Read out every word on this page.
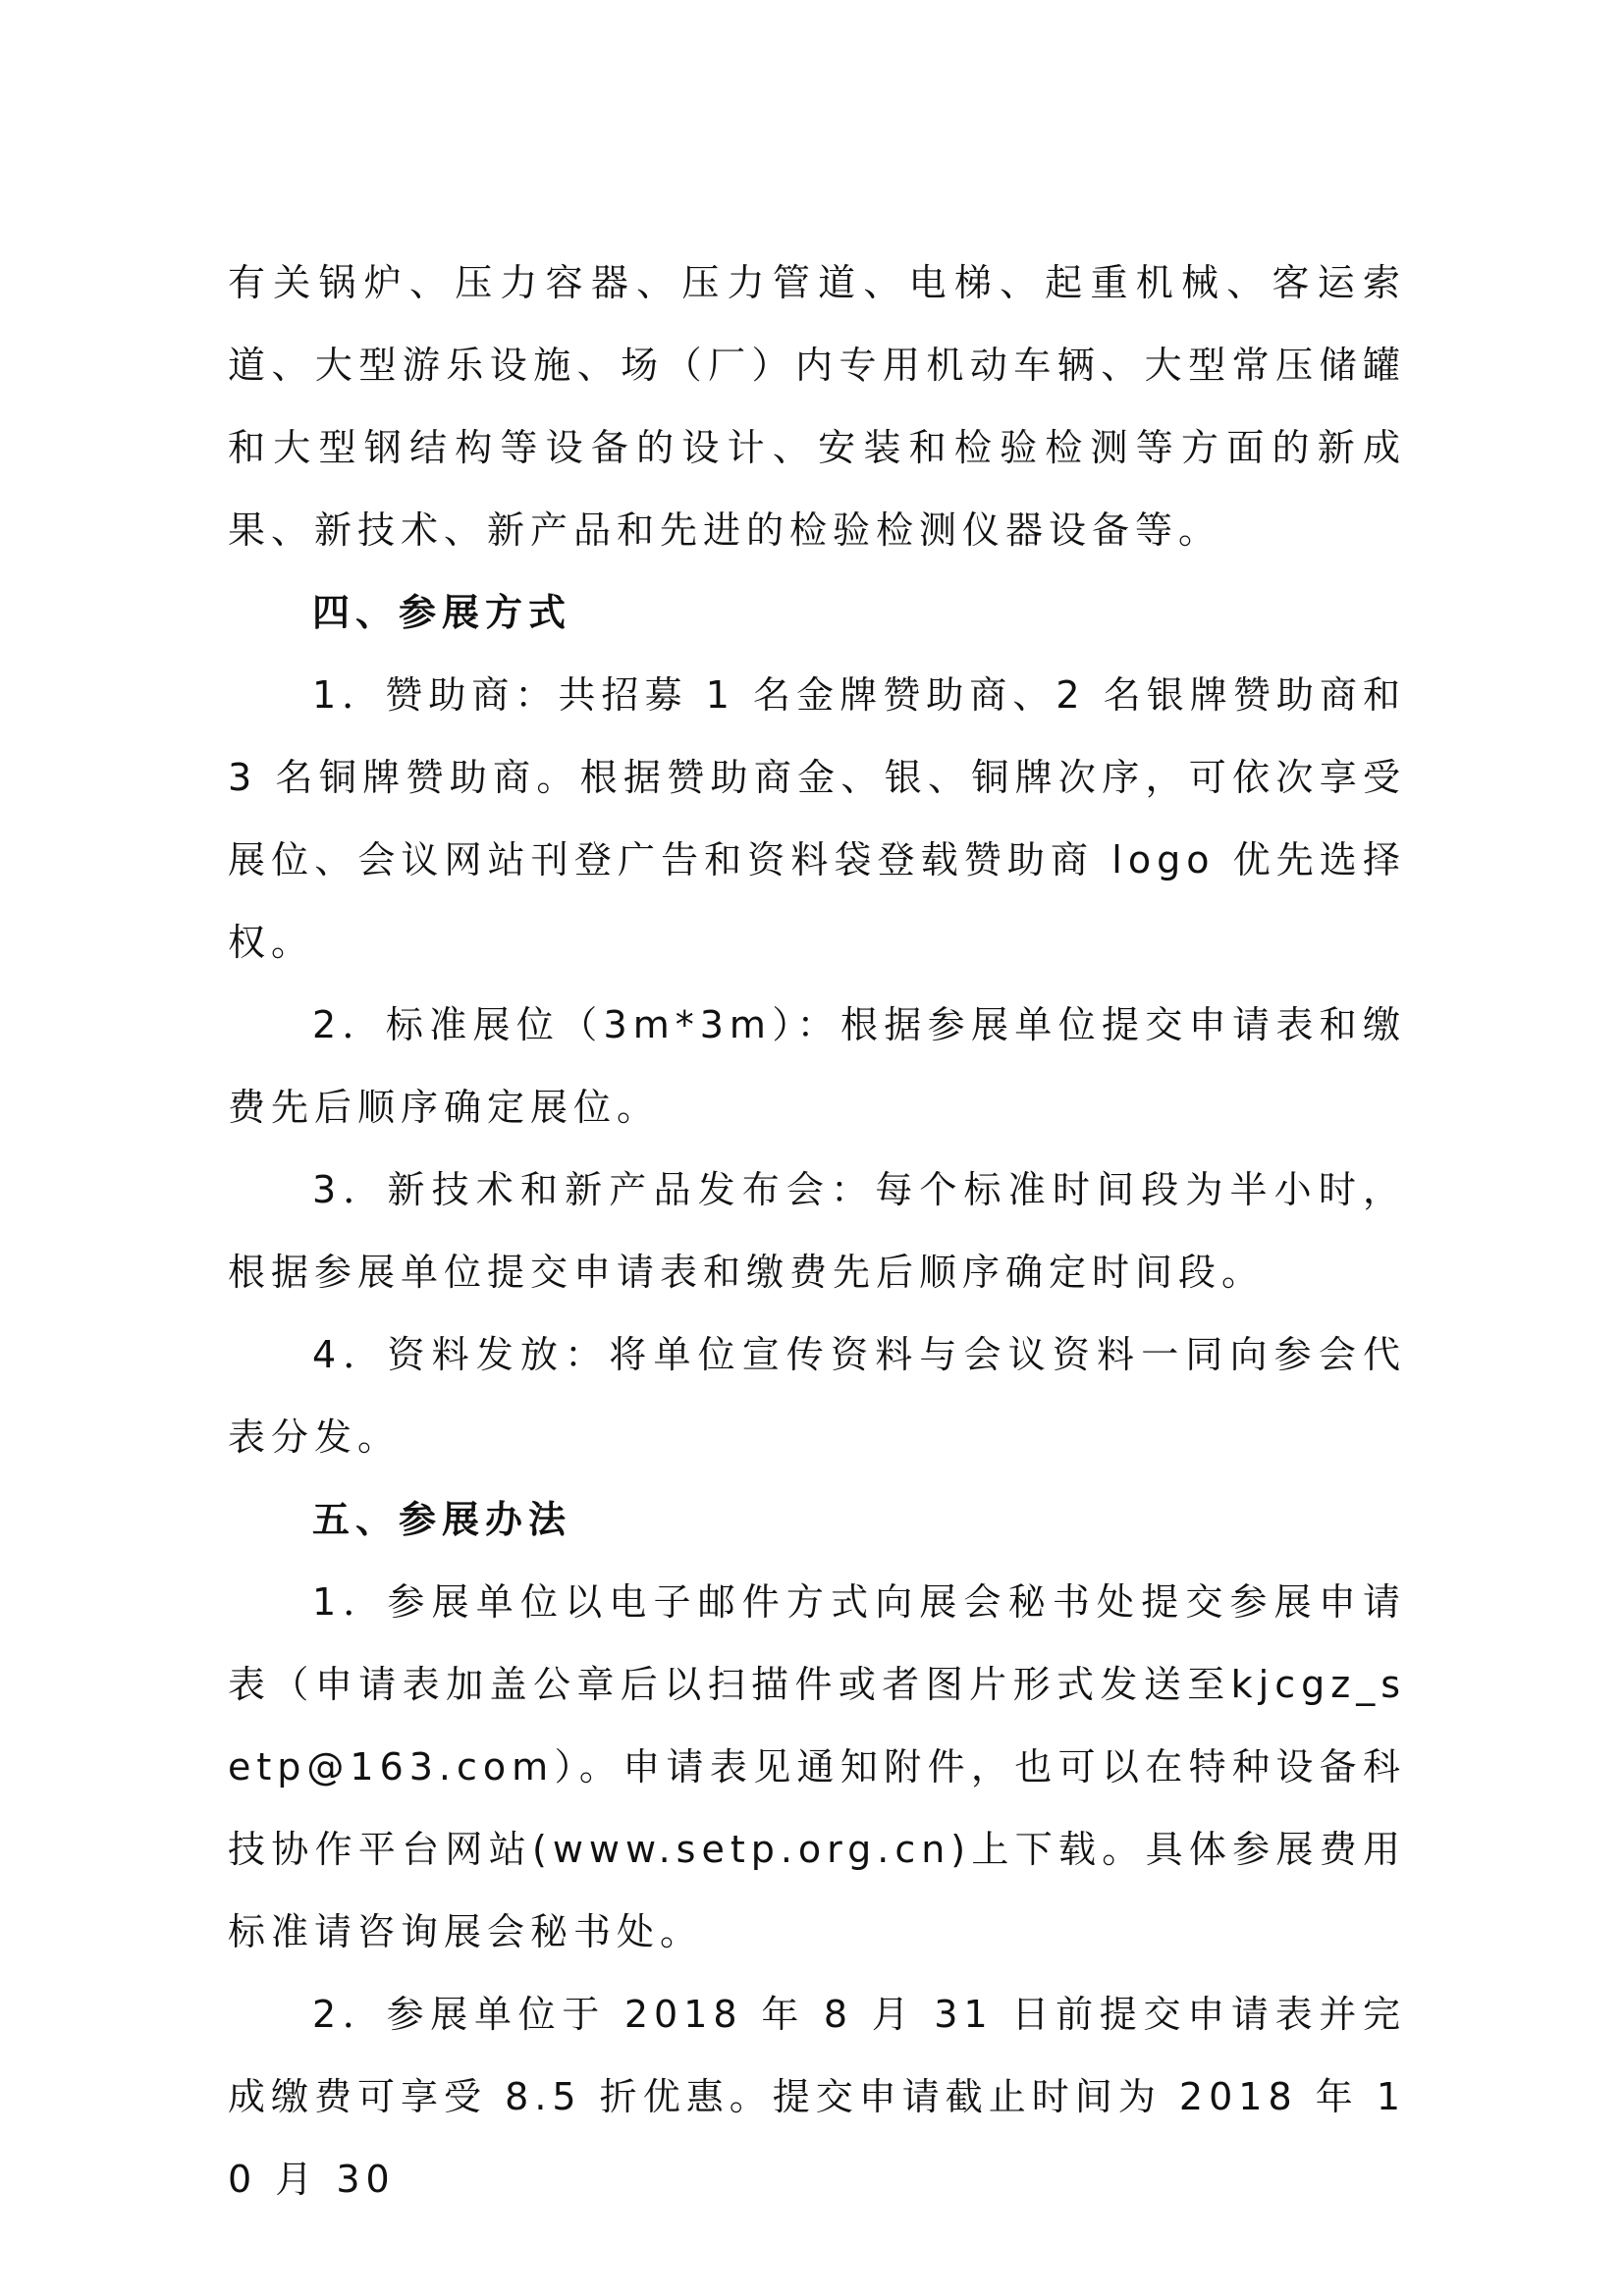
有关锅炉、压力容器、压力管道、电梯、起重机械、客运索道、大型游乐设施、场（厂）内专用机动车辆、大型常压储罐和大型钢结构等设备的设计、安装和检验检测等方面的新成果、新技术、新产品和先进的检验检测仪器设备等。

四、参展方式

1．赞助商：共招募 1 名金牌赞助商、2 名银牌赞助商和 3 名铜牌赞助商。根据赞助商金、银、铜牌次序，可依次享受展位、会议网站刊登广告和资料袋登载赞助商 logo 优先选择权。

2．标准展位（3m*3m）：根据参展单位提交申请表和缴费先后顺序确定展位。

3．新技术和新产品发布会：每个标准时间段为半小时，根据参展单位提交申请表和缴费先后顺序确定时间段。

4．资料发放：将单位宣传资料与会议资料一同向参会代表分发。

五、参展办法

1．参展单位以电子邮件方式向展会秘书处提交参展申请表（申请表加盖公章后以扫描件或者图片形式发送至kjcgz_setp@163.com）。申请表见通知附件，也可以在特种设备科技协作平台网站(www.setp.org.cn)上下载。具体参展费用标准请咨询展会秘书处。

2．参展单位于 2018 年 8 月 31 日前提交申请表并完成缴费可享受 8.5 折优惠。提交申请截止时间为 2018 年 10 月 30
